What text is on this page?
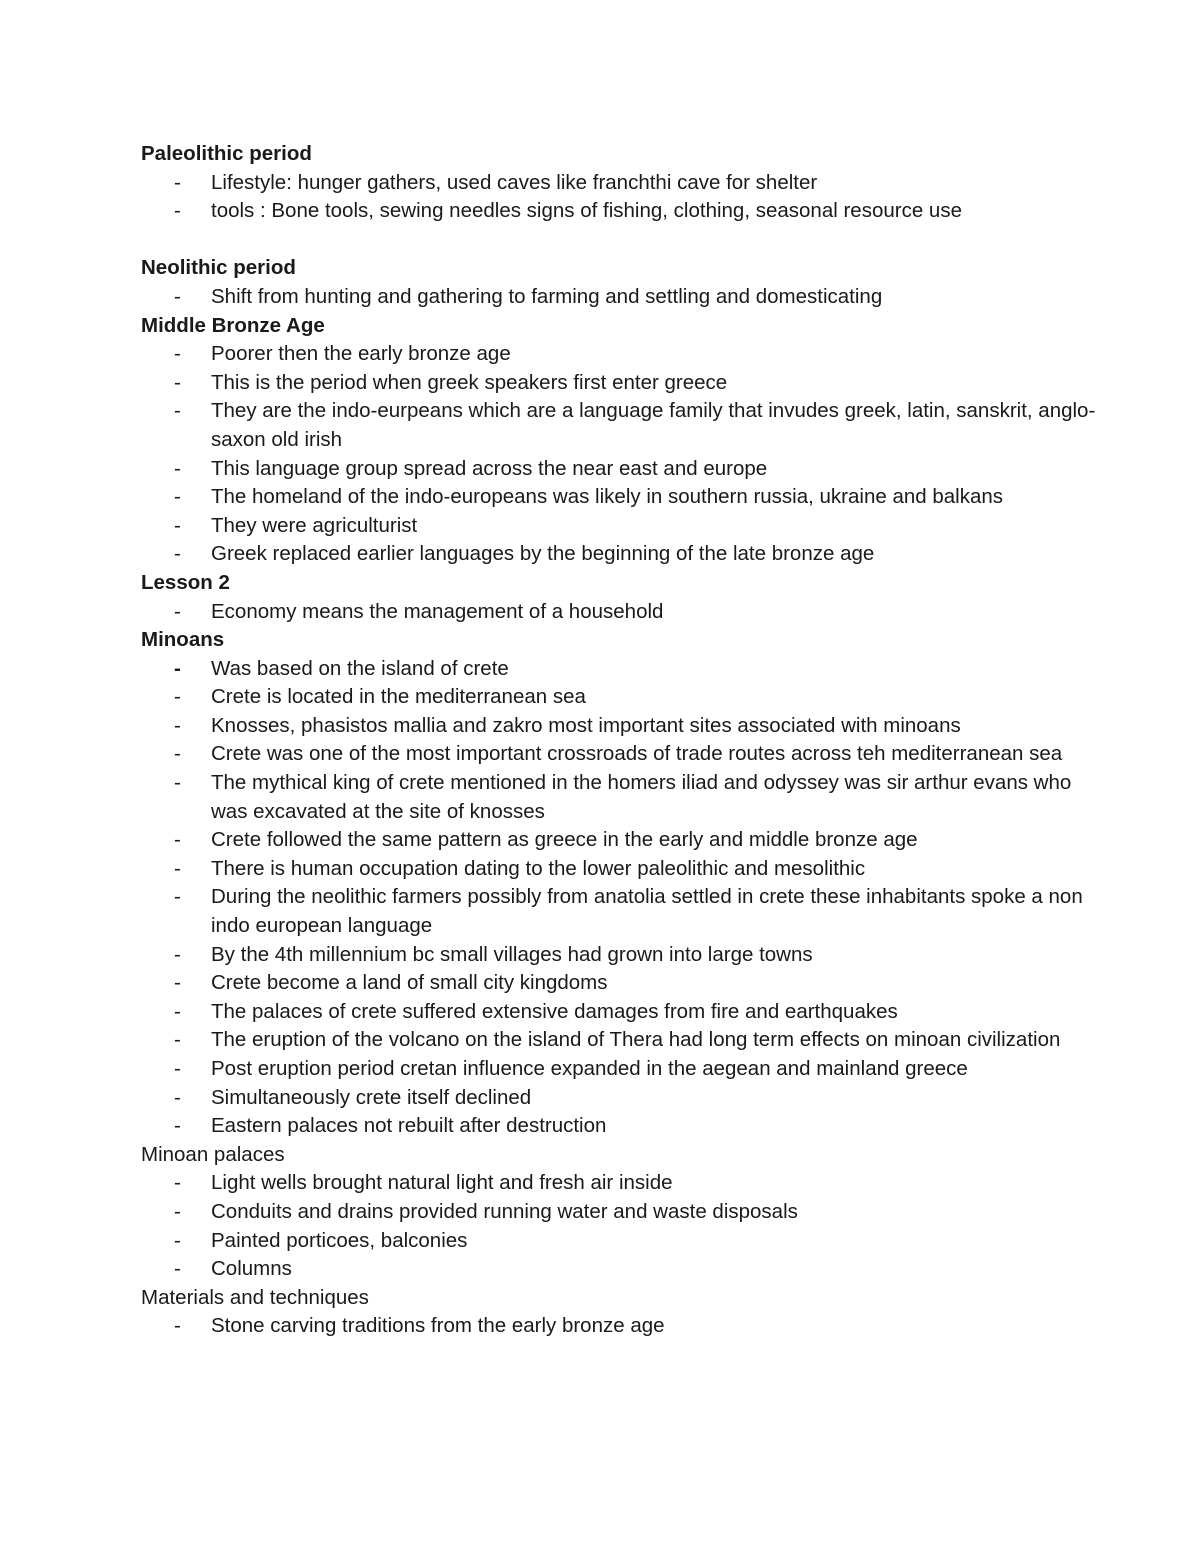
Paleolithic period

- Lifestyle: hunger gathers, used caves like franchthi cave for shelter
- tools : Bone tools, sewing needles signs of fishing, clothing, seasonal resource use

Neolithic period

- Shift from hunting and gathering to farming and settling and domesticating

Middle Bronze Age

- Poorer then the early bronze age
- This is the period when greek speakers first enter greece
- They are the indo-eurpeans which are a language family that invudes greek, latin, sanskrit, anglo-saxon old irish
- This language group spread across the near east and europe
- The homeland of the indo-europeans was likely in southern russia, ukraine and balkans
- They were agriculturist
- Greek replaced earlier languages by the beginning of the late bronze age

Lesson 2

- Economy means the management of a household

Minoans

- Was based on the island of crete
- Crete is located in the mediterranean sea
- Knosses, phasistos mallia and zakro most important sites associated with minoans
- Crete was one of the most important crossroads of trade routes across teh mediterranean sea
- The mythical king of crete mentioned in the homers iliad and odyssey was sir arthur evans who was excavated at the site of knosses
- Crete followed the same pattern as greece in the early and middle bronze age
- There is human occupation dating to the lower paleolithic and mesolithic
- During the neolithic farmers possibly from anatolia settled in crete these inhabitants spoke a non indo european language
- By the 4th millennium bc small villages had grown into large towns
- Crete become a land of small city kingdoms
- The palaces of crete suffered extensive damages from fire and earthquakes
- The eruption of the volcano on the island of Thera had long term effects on minoan civilization
- Post eruption period cretan influence expanded in the aegean and mainland greece
- Simultaneously crete itself declined
- Eastern palaces not rebuilt after destruction

Minoan palaces

- Light wells brought natural light and fresh air inside
- Conduits and drains provided running water and waste disposals
- Painted porticoes, balconies
- Columns

Materials and techniques

- Stone carving traditions from the early bronze age
